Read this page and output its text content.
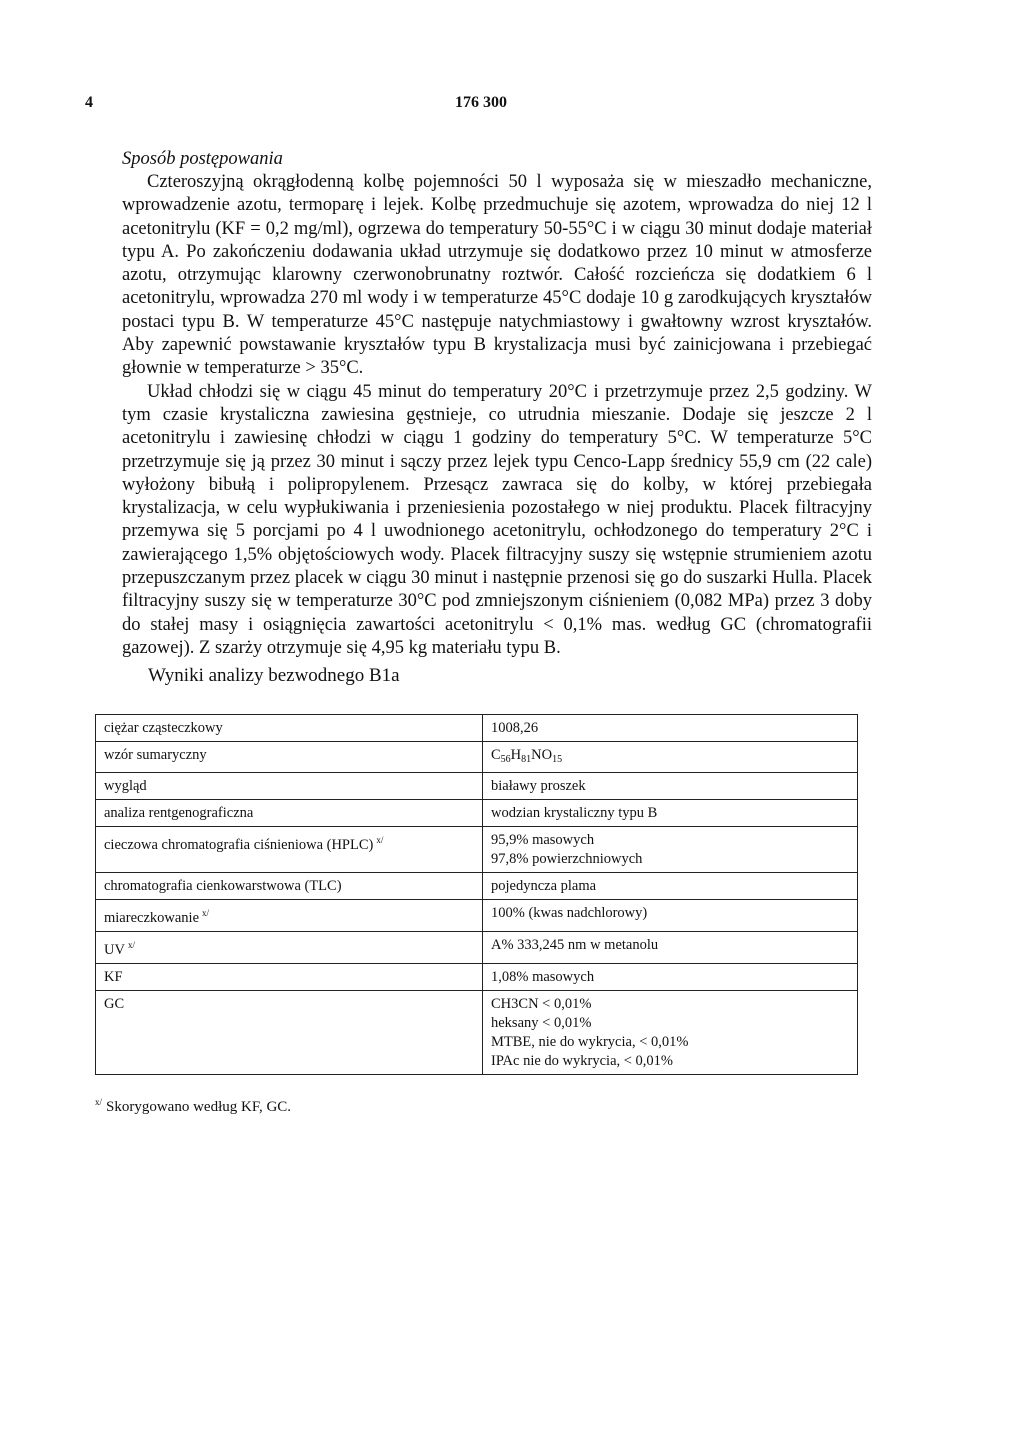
4	176 300
Sposób postępowania

Czteroszyjną okrągłodenną kolbę pojemności 50 l wyposaża się w mieszadło mechaniczne, wprowadzenie azotu, termoparę i lejek. Kolbę przedmuchuje się azotem, wprowadza do niej 12 l acetonitrylu (KF = 0,2 mg/ml), ogrzewa do temperatury 50-55°C i w ciągu 30 minut dodaje materiał typu A. Po zakończeniu dodawania układ utrzymuje się dodatkowo przez 10 minut w atmosferze azotu, otrzymując klarowny czerwonobrunatny roztwór. Całość rozcieńcza się dodatkiem 6 l acetonitrylu, wprowadza 270 ml wody i w temperaturze 45°C dodaje 10 g zarodkujących kryształów postaci typu B. W temperaturze 45°C następuje natychmiastowy i gwałtowny wzrost kryształów. Aby zapewnić powstawanie kryształów typu B krystalizacja musi być zainicjowana i przebiegać głownie w temperaturze > 35°C.

Układ chłodzi się w ciągu 45 minut do temperatury 20°C i przetrzymuje przez 2,5 godziny. W tym czasie krystaliczna zawiesina gęstnieje, co utrudnia mieszanie. Dodaje się jeszcze 2 l acetonitrylu i zawiesinę chłodzi w ciągu 1 godziny do temperatury 5°C. W temperaturze 5°C przetrzymuje się ją przez 30 minut i sączy przez lejek typu Cenco-Lapp średnicy 55,9 cm (22 cale) wyłożony bibułą i polipropylenem. Przesącz zawraca się do kolby, w której przebiegała krystalizacja, w celu wypłukiwania i przeniesienia pozostałego w niej produktu. Placek filtracyjny przemywa się 5 porcjami po 4 l uwodnionego acetonitrylu, ochłodzonego do temperatury 2°C i zawierającego 1,5% objętościowych wody. Placek filtracyjny suszy się wstępnie strumieniem azotu przepuszczanym przez placek w ciągu 30 minut i następnie przenosi się go do suszarki Hulla. Placek filtracyjny suszy się w temperaturze 30°C pod zmniejszonym ciśnieniem (0,082 MPa) przez 3 doby do stałej masy i osiągnięcia zawartości acetonitrylu < 0,1% mas. według GC (chromatografii gazowej). Z szarży otrzymuje się 4,95 kg materiału typu B.

Wyniki analizy bezwodnego B1a
ciężar cząsteczkowy	1008,26
wzór sumaryczny	$C_{56}H_{81}NO_{15}$
wygląd	białawy proszek
analiza rentgenograficzna	wodzian krystaliczny typu B
cieczowa chromatografia ciśnieniowa (HPLC) $^{x/}$	95,9% masowych
97,8% powierzchniowych

chromatografia cienkowarstwowa (TLC)	pojedyncza plama
miareczkowanie $^{x/}$	100% (kwas nadchlorowy)
UV $^{x/}$	A% 333,245 nm w metanolu
KF	1,08% masowych
GC	CH3CN < 0,01%
heksany < 0,01%
MTBE, nie do wykrycia, < 0,01%
IPAc nie do wykrycia, < 0,01%
$^{x/}$ Skorygowano według KF, GC.
